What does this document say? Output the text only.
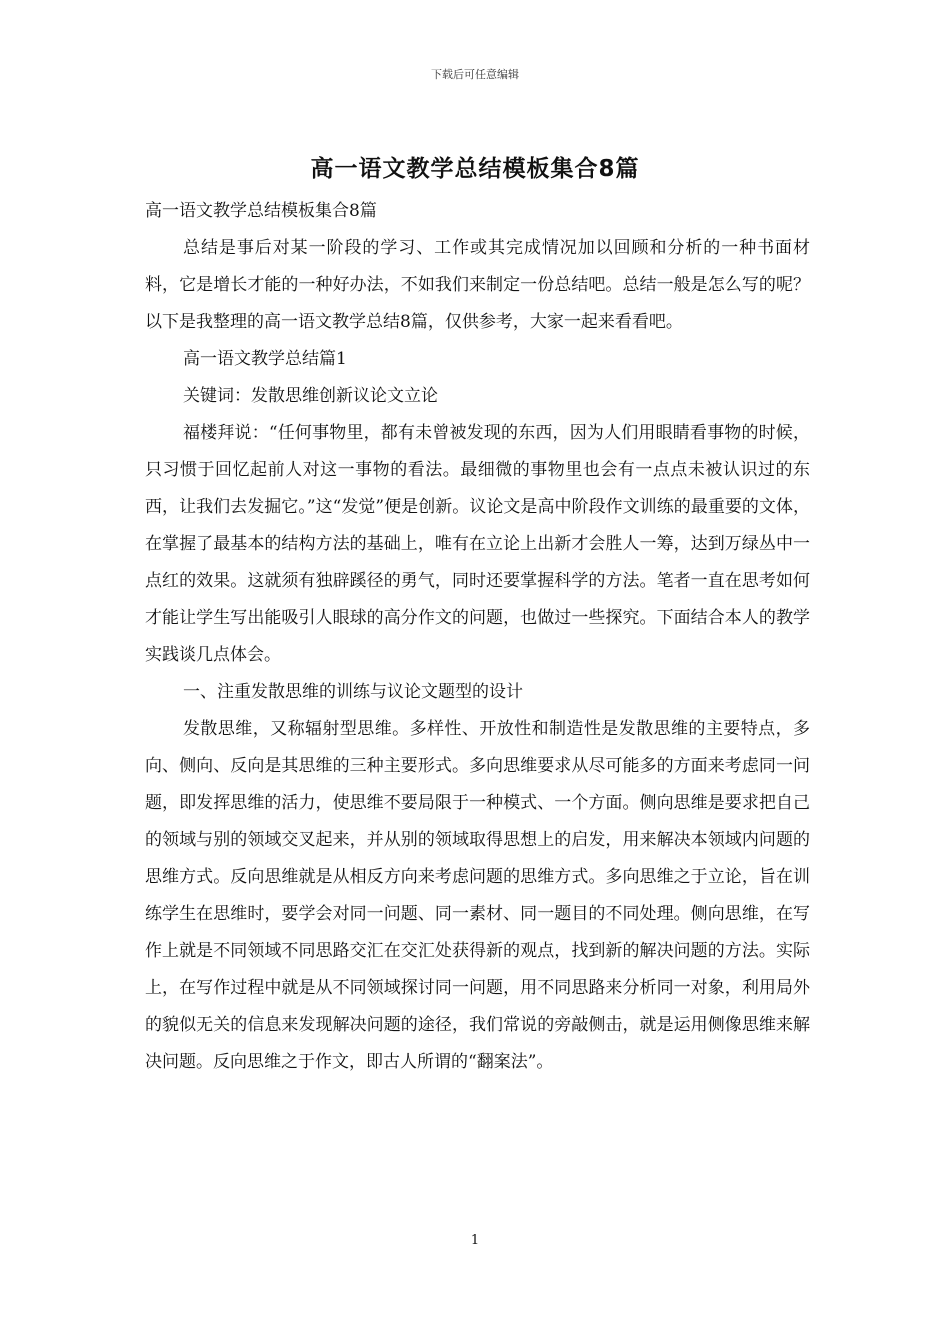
下载后可任意编辑
高一语文教学总结模板集合8篇

高一语文教学总结模板集合8篇

总结是事后对某一阶段的学习、工作或其完成情况加以回顾和分析的一种书面材料，它是增长才能的一种好办法，不如我们来制定一份总结吧。总结一般是怎么写的呢？以下是我整理的高一语文教学总结8篇，仅供参考，大家一起来看看吧。

高一语文教学总结篇1

关键词：发散思维创新议论文立论

福楼拜说：“任何事物里，都有未曾被发现的东西，因为人们用眼睛看事物的时候，只习惯于回忆起前人对这一事物的看法。最细微的事物里也会有一点点未被认识过的东西，让我们去发掘它。”这“发觉”便是创新。议论文是高中阶段作文训练的最重要的文体，在掌握了最基本的结构方法的基础上，唯有在立论上出新才会胜人一筹，达到万绿丛中一点红的效果。这就须有独辟蹊径的勇气，同时还要掌握科学的方法。笔者一直在思考如何才能让学生写出能吸引人眼球的高分作文的问题，也做过一些探究。下面结合本人的教学实践谈几点体会。

一、注重发散思维的训练与议论文题型的设计

发散思维，又称辐射型思维。多样性、开放性和制造性是发散思维的主要特点，多向、侧向、反向是其思维的三种主要形式。多向思维要求从尽可能多的方面来考虑同一问题，即发挥思维的活力，使思维不要局限于一种模式、一个方面。侧向思维是要求把自己的领域与别的领域交叉起来，并从别的领域取得思想上的启发，用来解决本领域内问题的思维方式。反向思维就是从相反方向来考虑问题的思维方式。多向思维之于立论，旨在训练学生在思维时，要学会对同一问题、同一素材、同一题目的不同处理。侧向思维，在写作上就是不同领域不同思路交汇在交汇处获得新的观点，找到新的解决问题的方法。实际上，在写作过程中就是从不同领域探讨同一问题，用不同思路来分析同一对象，利用局外的貌似无关的信息来发现解决问题的途径，我们常说的旁敲侧击，就是运用侧像思维来解决问题。反向思维之于作文，即古人所谓的“翻案法”。

1
